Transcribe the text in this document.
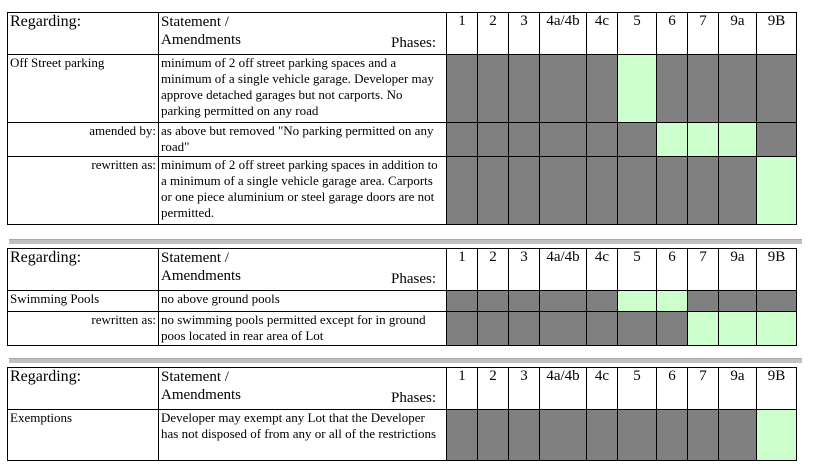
Regarding:	Statement /
Amendments Phases:	1	2	3	4a/4b	4c	5	6	7	9a	9B
Off Street parking	minimum of 2 off street parking spaces and a minimum of a single vehicle garage. Developer may approve detached garages but not carports. No parking permitted on any road										
amended by:	as above but removed "No parking permitted on any road"										
rewritten as:	minimum of 2 off street parking spaces in addition to a minimum of a single vehicle garage area. Carports or one piece aluminium or steel garage doors are not permitted.										
Regarding:	Statement /
Amendments Phases:	1	2	3	4a/4b	4c	5	6	7	9a	9B
Swimming Pools	no above ground pools										
rewritten as:	no swimming pools permitted except for in ground poos located in rear area of Lot										
Regarding:	Statement /
Amendments Phases:	1	2	3	4a/4b	4c	5	6	7	9a	9B
Exemptions	Developer may exempt any Lot that the Developer has not disposed of from any or all of the restrictions										
